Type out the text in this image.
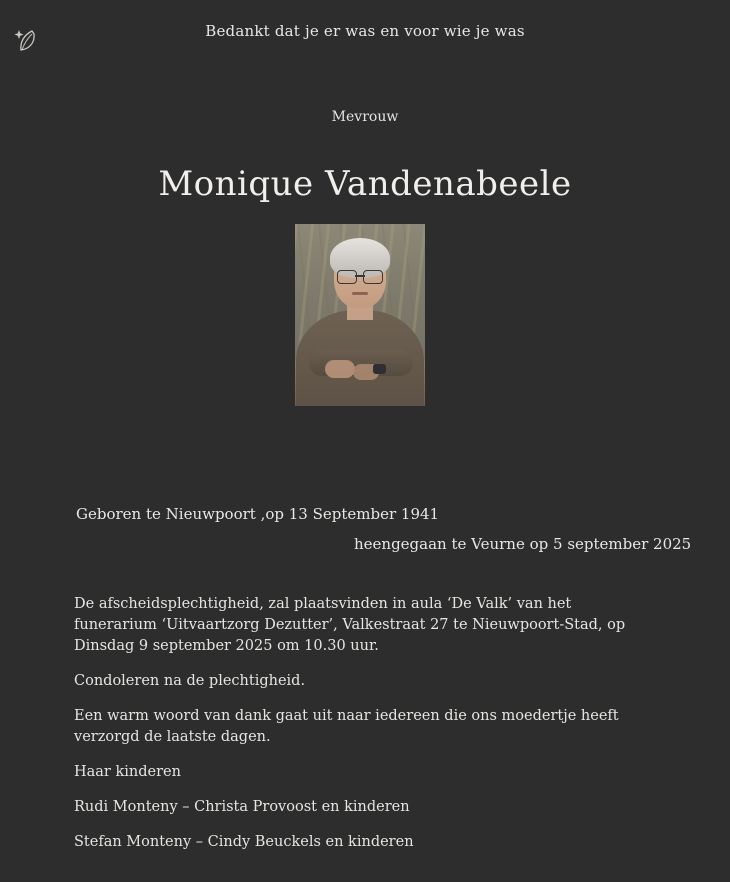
Bedankt dat je er was en voor wie je was
Mevrouw
Monique Vandenabeele
Geboren te Nieuwpoort ,op 13 September 1941
heengegaan te Veurne op 5 september 2025

De afscheidsplechtigheid, zal plaatsvinden in aula ‘De Valk’ van het funerarium ‘Uitvaartzorg Dezutter’, Valkestraat 27 te Nieuwpoort-Stad, op Dinsdag 9 september 2025 om 10.30 uur.

Condoleren na de plechtigheid.

Een warm woord van dank gaat uit naar iedereen die ons moedertje heeft verzorgd de laatste dagen.

Haar kinderen

Rudi Monteny – Christa Provoost en kinderen

Stefan Monteny – Cindy Beuckels en kinderen
